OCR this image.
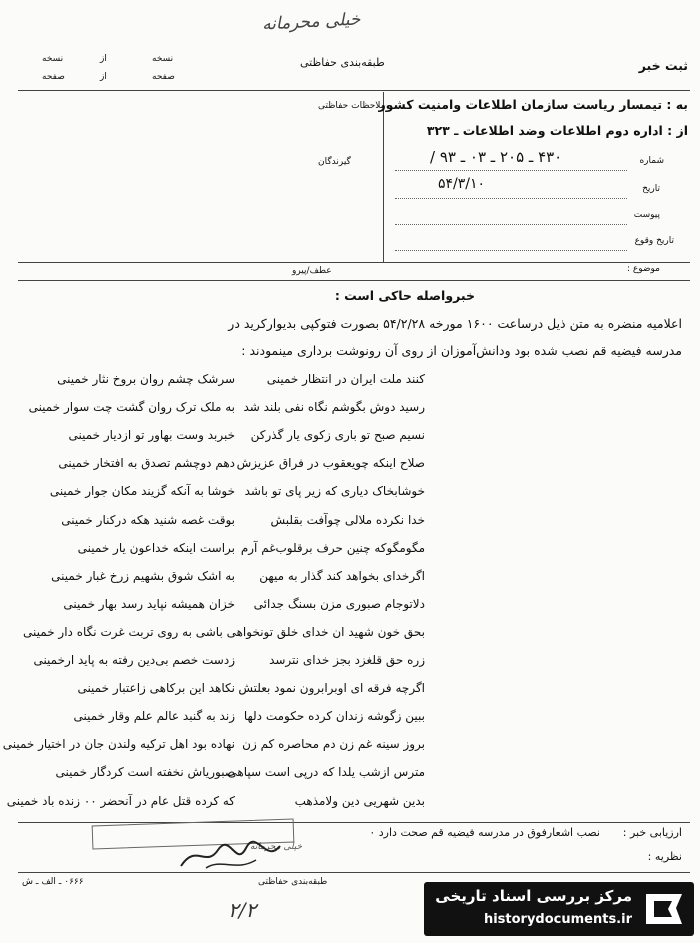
خیلی محرمانه
طبقه‌بندی حفاظتی	ثبت خبر
نسخه
از
نسخه
صفحه
از
صفحه
به : تیمسار ریاست سازمان اطلاعات وامنیت کشور
از : اداره دوم اطلاعات وضد اطلاعات ـ ۳۲۳
ملاحظات حفاظتی
گیرندگان	شماره
۴۳۰ ـ ۲۰۵ ـ ۰۳ ـ ۹۳ /
تاریخ
۵۴/۳/۱۰
پیوست
تاریخ وقوع
موضوع :
عطف/پیرو
خبرواصله حاکی است :
اعلامیه منضره به متن ذیل درساعت ۱۶۰۰ مورخه ۵۴/۲/۲۸ بصورت فتوکپی بدیوارکرید در
مدرسه فیضیه قم نصب شده بود ودانش‌آموزان از روی آن رونوشت برداری مینمودند :
کنند ملت ایران در انتظار خمینی
سرشک چشم روان بروخ نثار خمینی
رسید دوش بگوشم نگاه نفی بلند شد
به ملک ترک روان گشت چت سوار خمینی
نسیم صبح تو باری زکوی یار گذرکن
خبربد وست بهاور تو ازدیار خمینی
صلاح اینکه چویعقوب در فراق عزیزش
دهم دوچشم تصدق به افتخار خمینی
خوشابخاک دیاری که زیر پای تو باشد
خوشا به آنکه گزیند مکان جوار خمینی
خدا نکرده ملالی چوآفت بقلبش
بوقت غصه شنید هکه درکنار خمینی
مگومگوکه چنین حرف برقلوب‌غم آرم
براست اینکه خداعون یار خمینی
اگرخدای بخواهد کند گذار به میهن
به اشک شوق بشهیم زرخ غبار خمینی
دلاتوجام صبوری مزن بسنگ جدائی
خزان همیشه نپاید رسد بهار خمینی
بحق خون شهید ان خدای خلق تونخواهی باشی به روی تربت غرت نگاه دار خمینی
زره حق قلغزد بجز خدای نترسد
زدست خصم بی‌دین رفته به پاید ارخمینی
اگرچه فرقه ای اوبرابرون نمود بعلتش
نکاهد این برکاهی زاعتبار خمینی
ببین زگوشه زندان کرده حکومت دلها
زند به گنبد عالم علم وقار خمینی
بروز سینه غم زن دم محاصره کم زن
نهاده بود اهل ترکیه ولندن جان در اختیار خمینی
مترس ازشب یلدا که درپی است سپاهی
صبوریاش نخفته است کردگار خمینی
بدین شهریی دین ولامذهب
که کرده قتل عام در آنحضر ۰۰ زنده باد خمینی
ارزیابی خبر :
نصب اشعارفوق در مدرسه فیضیه قم صحت دارد ۰
نظریه :
خیلی محرمانه
طبقه‌بندی حفاظتی
۰۶۶۶ ـ الف ـ ش
۲/۲
مرکز بررسی اسناد تاریخی
historydocuments.ir
